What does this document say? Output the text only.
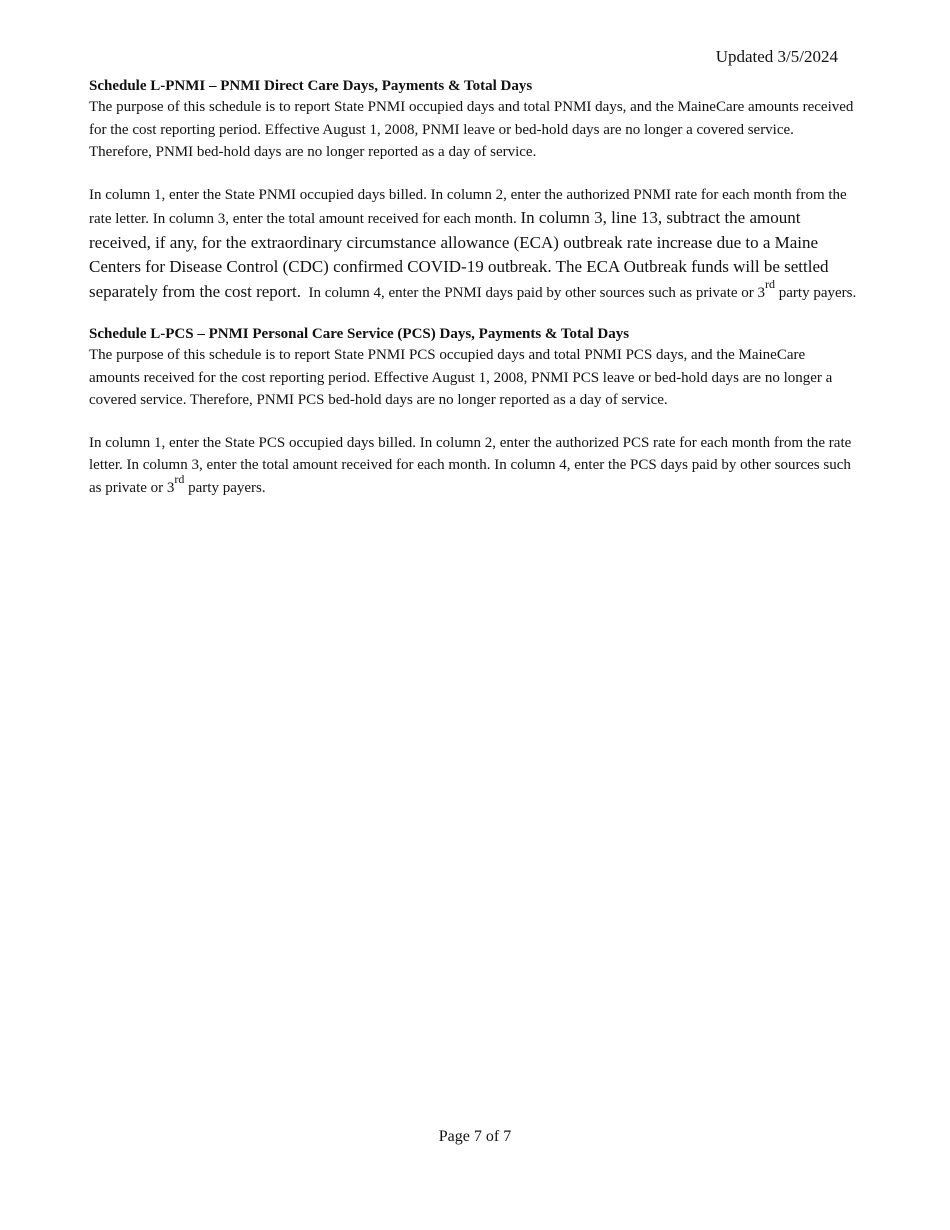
Updated 3/5/2024

Schedule L-PNMI – PNMI Direct Care Days, Payments & Total Days

The purpose of this schedule is to report State PNMI occupied days and total PNMI days, and the MaineCare amounts received for the cost reporting period. Effective August 1, 2008, PNMI leave or bed-hold days are no longer a covered service. Therefore, PNMI bed-hold days are no longer reported as a day of service.

In column 1, enter the State PNMI occupied days billed. In column 2, enter the authorized PNMI rate for each month from the rate letter. In column 3, enter the total amount received for each month. In column 3, line 13, subtract the amount received, if any, for the extraordinary circumstance allowance (ECA) outbreak rate increase due to a Maine Centers for Disease Control (CDC) confirmed COVID-19 outbreak. The ECA Outbreak funds will be settled separately from the cost report. In column 4, enter the PNMI days paid by other sources such as private or 3rd party payers.

Schedule L-PCS – PNMI Personal Care Service (PCS) Days, Payments & Total Days

The purpose of this schedule is to report State PNMI PCS occupied days and total PNMI PCS days, and the MaineCare amounts received for the cost reporting period. Effective August 1, 2008, PNMI PCS leave or bed-hold days are no longer a covered service. Therefore, PNMI PCS bed-hold days are no longer reported as a day of service.

In column 1, enter the State PCS occupied days billed. In column 2, enter the authorized PCS rate for each month from the rate letter. In column 3, enter the total amount received for each month. In column 4, enter the PCS days paid by other sources such as private or 3rd party payers.

Page 7 of 7
